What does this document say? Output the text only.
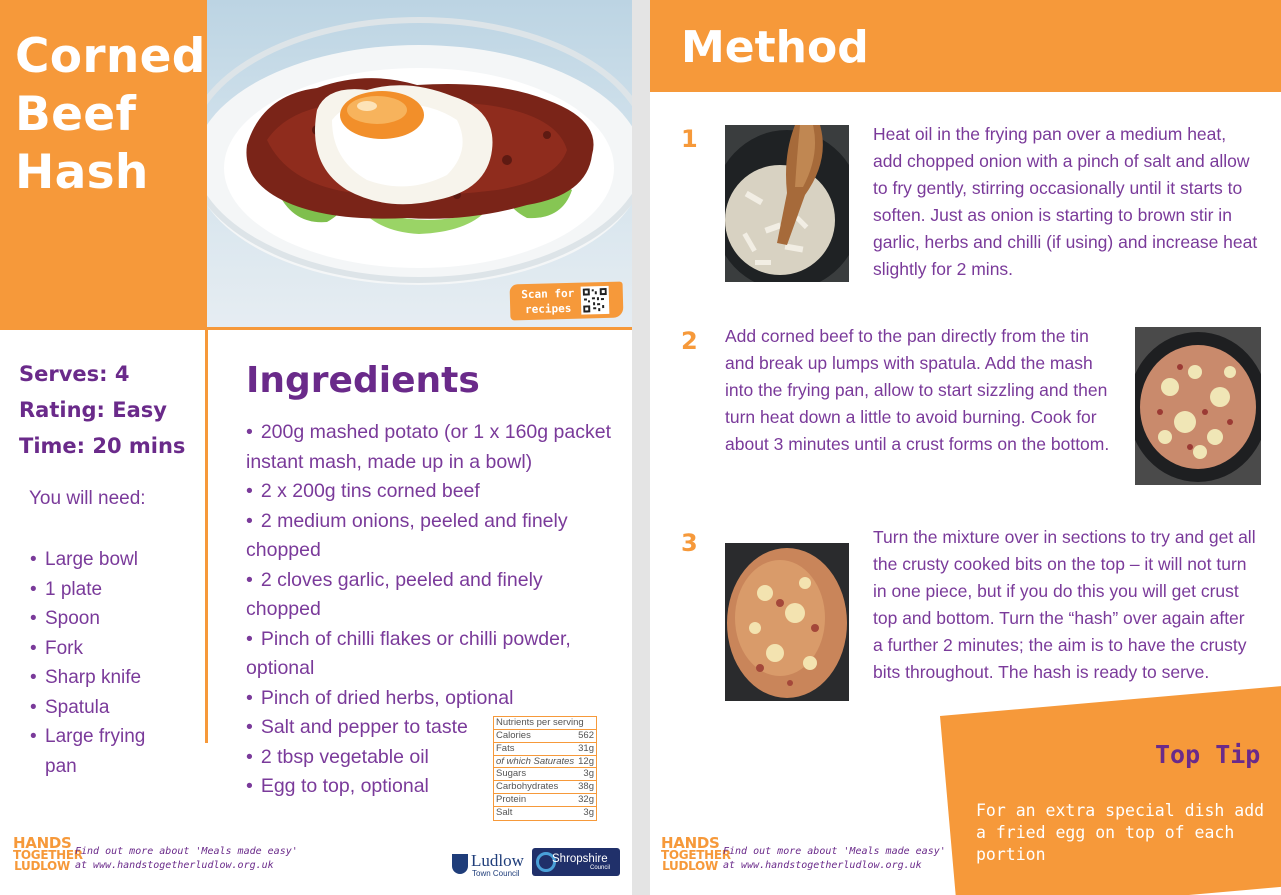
Corned
Beef
Hash
Scan for recipes
Serves: 4
Rating: Easy
Time: 20 mins
You will need:
• Large bowl
• 1 plate
• Spoon
• Fork
• Sharp knife
• Spatula
• Large frying pan
Ingredients
• 200g mashed potato (or 1 x 160g packet instant mash, made up in a bowl)
• 2 x 200g tins corned beef
• 2 medium onions, peeled and finely chopped
• 2 cloves garlic, peeled and finely chopped
• Pinch of chilli flakes or chilli powder, optional
• Pinch of dried herbs, optional
• Salt and pepper to taste
• 2 tbsp vegetable oil
• Egg to top, optional
Nutrients per serving
Calories	562
Fats	31g
of which Saturates 12g
Sugars	3g
Carbohydrates 38g
Protein	32g
Salt	3g
HANDS
TOGETHER
LUDLOW
Find out more about 'Meals made easy'
at www.handstogetherludlow.org.uk	Ludlow
Town Council
Shropshire
Council
Method
1	Heat oil in the frying pan over a medium heat, add chopped onion with a pinch of salt and allow to fry gently, stirring occasionally until it starts to soften. Just as onion is starting to brown stir in garlic, herbs and chilli (if using) and increase heat slightly for 2 mins.
2 Add corned beef to the pan directly from the tin and break up lumps with spatula. Add the mash into the frying pan, allow to start sizzling and then turn heat down a little to avoid burning. Cook for about 3 minutes until a crust forms on the bottom.
3	Turn the mixture over in sections to try and get all the crusty cooked bits on the top – it will not turn in one piece, but if you do this you will get crust top and bottom. Turn the “hash” over again after a further 2 minutes; the aim is to have the crusty bits throughout. The hash is ready to serve.
Top Tip
For an extra special dish add a fried egg on top of each portion
HANDS
TOGETHER
LUDLOW
Find out more about 'Meals made easy'
at www.handstogetherludlow.org.uk
